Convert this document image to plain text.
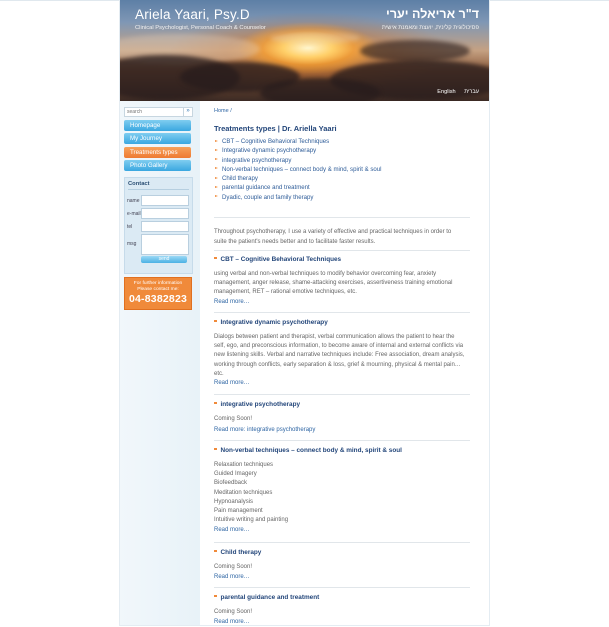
Ariela Yaari, Psy.D
Clinical Psychologist, Personal Coach & Counselor
ד"ר אריאלה יערי
פסיכולוגית קלינית, יועצת ומאמנת אישית
English עברית
search
»
Homepage
My Journey
Treatments types
Photo Gallery
Contact
name
e-mail
tel
msg
send
For further information
Please contact me:
04-8382823
Home /
Treatments types | Dr. Ariella Yaari
CBT – Cognitive Behavioral Techniques
Integrative dynamic psychotherapy
integrative psychotherapy
Non-verbal techniques – connect body & mind, spirit & soul
Child therapy
parental guidance and treatment
Dyadic, couple and family therapy
Throughout psychotherapy, I use a variety of effective and practical techniques in order to suite the patient's needs better and to facilitate faster results.
CBT – Cognitive Behavioral Techniques
using verbal and non-verbal techniques to modify behavior overcoming fear, anxiety
management, anger release, shame-attacking exercises, assertiveness training emotional
management, RET – rational emotive techniques, etc.
Read more…
Integrative dynamic psychotherapy
Dialogs between patient and therapist, verbal communication allows the patient to hear the
self, ego, and preconscious information, to become aware of internal and external conflicts via
new listening skills. Verbal and narrative techniques include: Free association, dream analysis,
working through conflicts, early separation & loss, grief & mourning, physical & mental pain…
etc.
Read more…
integrative psychotherapy
Coming Soon!
Read more: integrative psychotherapy
Non-verbal techniques – connect body & mind, spirit & soul
Relaxation techniques
Guided Imagery
Biofeedback
Meditation techniques
Hypnoanalysis
Pain management
Intuitive writing and painting
Read more…
Child therapy
Coming Soon!
Read more…
parental guidance and treatment
Coming Soon!
Read more…
